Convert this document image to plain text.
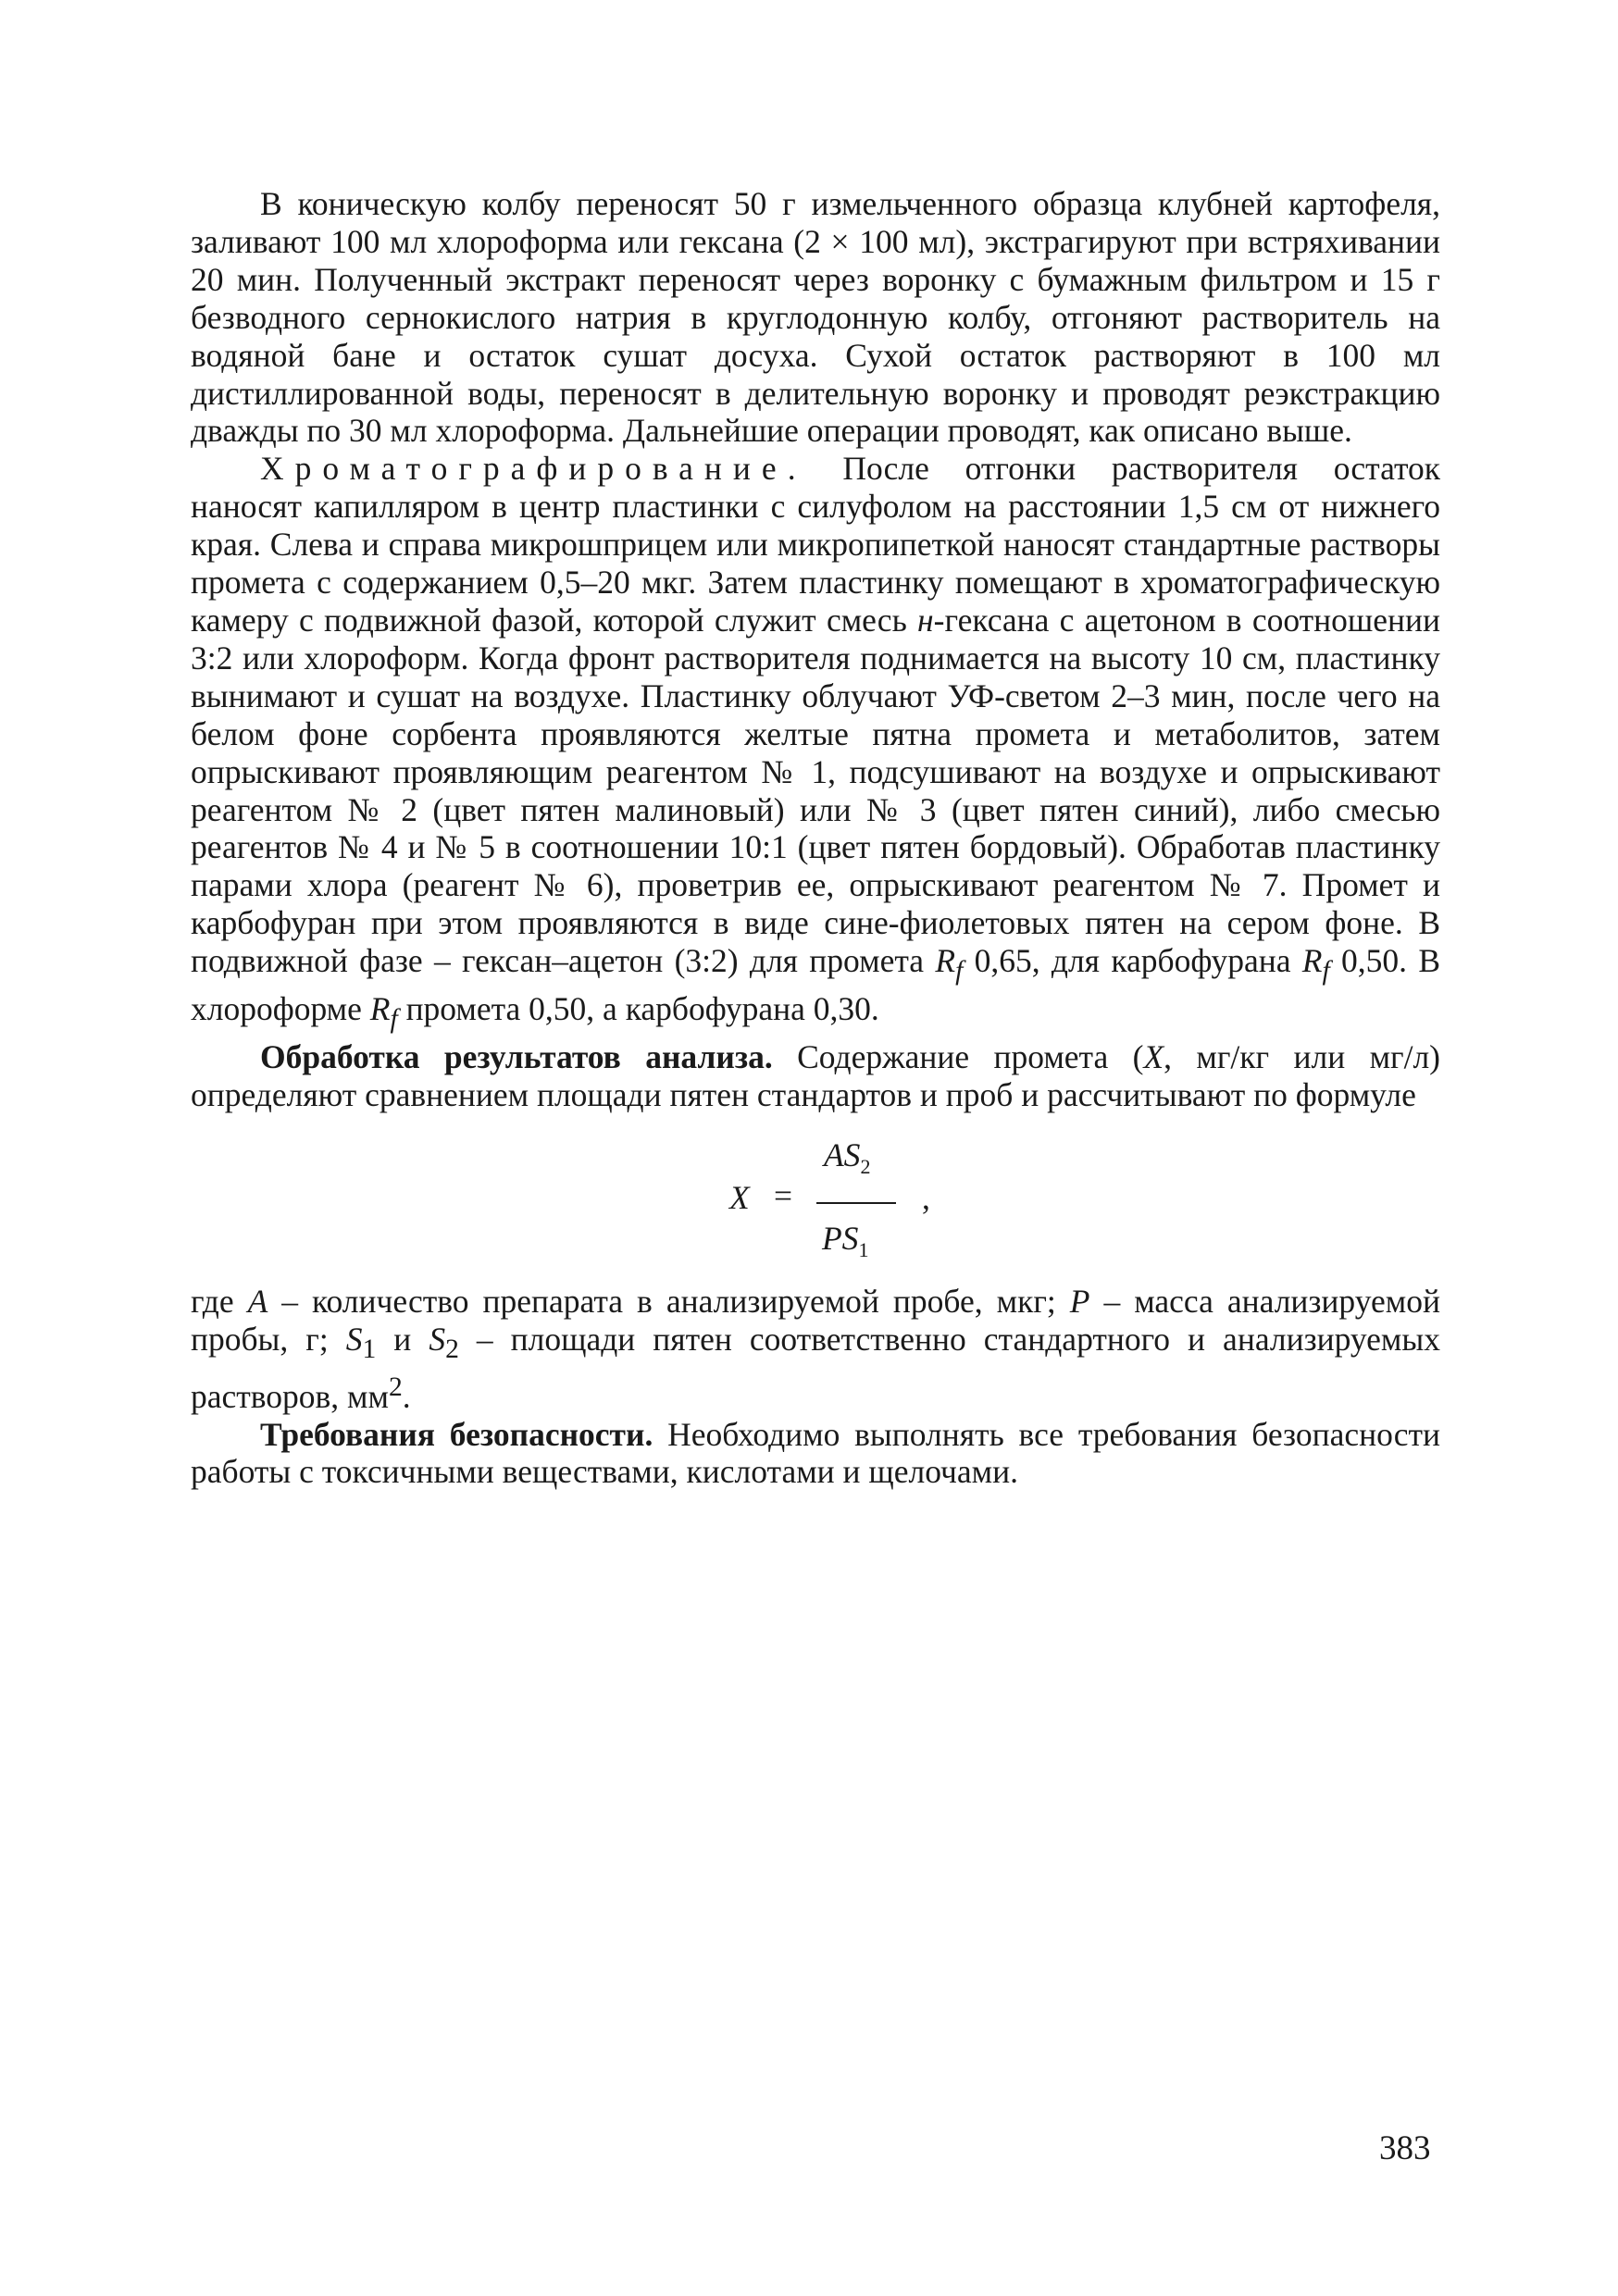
В коническую колбу переносят 50 г измельченного образца клубней картофеля, заливают 100 мл хлороформа или гексана (2 × 100 мл), экстрагируют при встряхивании 20 мин. Полученный экстракт переносят через воронку с бумажным фильтром и 15 г безводного сернокислого натрия в круглодонную колбу, отгоняют растворитель на водяной бане и остаток сушат досуха. Сухой остаток растворяют в 100 мл дистиллированной воды, переносят в делительную воронку и проводят реэкстракцию дважды по 30 мл хлороформа. Дальнейшие операции проводят, как описано выше.

Хроматографирование. После отгонки растворителя остаток наносят капилляром в центр пластинки с силуфолом на расстоянии 1,5 см от нижнего края. Слева и справа микрошприцем или микропипеткой наносят стандартные растворы промета с содержанием 0,5–20 мкг. Затем пластинку помещают в хроматографическую камеру с подвижной фазой, которой служит смесь н-гексана с ацетоном в соотношении 3:2 или хлороформ. Когда фронт растворителя поднимается на высоту 10 см, пластинку вынимают и сушат на воздухе. Пластинку облучают УФ-светом 2–3 мин, после чего на белом фоне сорбента проявляются желтые пятна промета и метаболитов, затем опрыскивают проявляющим реагентом № 1, подсушивают на воздухе и опрыскивают реагентом № 2 (цвет пятен малиновый) или № 3 (цвет пятен синий), либо смесью реагентов № 4 и № 5 в соотношении 10:1 (цвет пятен бордовый). Обработав пластинку парами хлора (реагент № 6), проветрив ее, опрыскивают реагентом № 7. Промет и карбофуран при этом проявляются в виде сине-фиолетовых пятен на сером фоне. В подвижной фазе – гексан–ацетон (3:2) для промета $R_f$ 0,65, для карбофурана $R_f$ 0,50. В хлороформе $R_f$ промета 0,50, а карбофурана 0,30.

Обработка результатов анализа. Содержание промета (X, мг/кг или мг/л) определяют сравнением площади пятен стандартов и проб и рассчитывают по формуле

X =
$AS_2$
$PS_1$
,

где A – количество препарата в анализируемой пробе, мкг; P – масса анализируемой пробы, г; $S_1$ и $S_2$ – площади пятен соответственно стандартного и анализируемых растворов, $мм^2$.

Требования безопасности. Необходимо выполнять все требования безопасности работы с токсичными веществами, кислотами и щелочами.

383
